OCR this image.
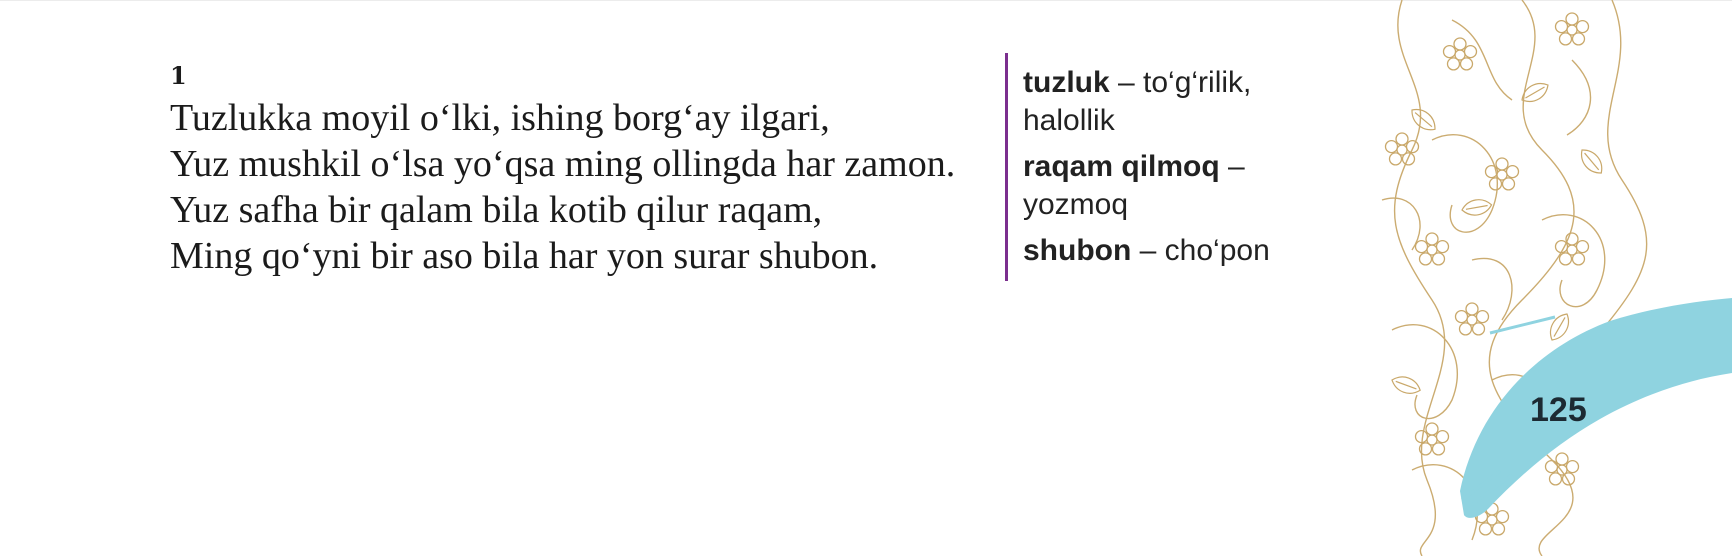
1
Tuzlukka moyil o‘lki, ishing borg‘ay ilgari,
Yuz mushkil o‘lsa yo‘qsa ming ollingda har zamon.
Yuz safha bir qalam bila kotib qilur raqam,
Ming qo‘yni bir aso bila har yon surar shubon.
tuzluk – to‘g‘rilik, halollik
raqam qilmoq – yozmoq
shubon – cho‘pon
125
